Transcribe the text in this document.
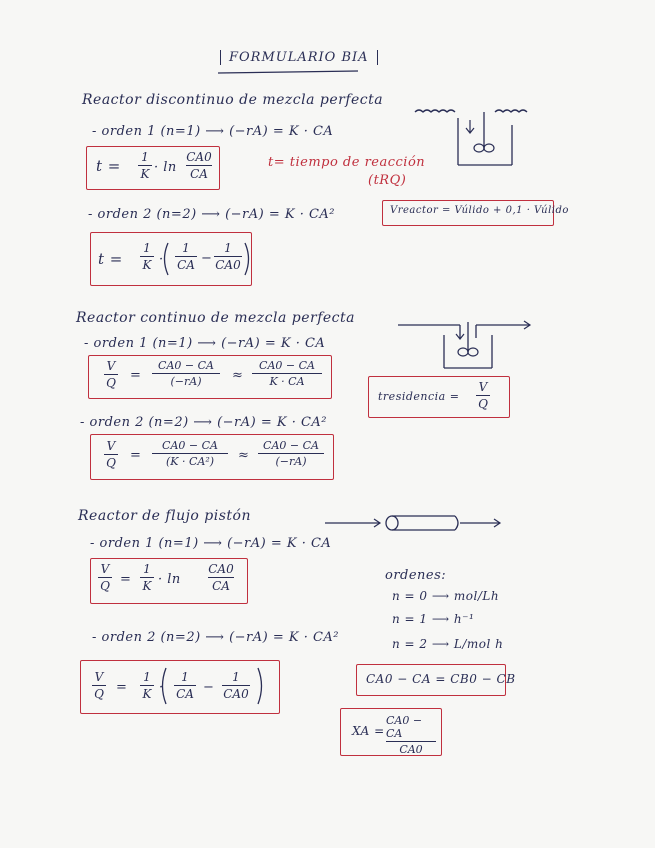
FORMULARIO BIA
Reactor discontinuo de mezcla perfecta
- orden 1 (n=1) ⟶ (−rA) = K · CA
t = 1
K · ln
CA0
CA
t= tiempo de reacción
(tRQ)
Vreactor = Vúlido + 0,1 · Vúlido
- orden 2 (n=2) ⟶ (−rA) = K · CA²
t =
1
K ·
1
CA −
1
CA0
Reactor continuo de mezcla perfecta
- orden 1 (n=1) ⟶ (−rA) = K · CA
V
Q =
CA0 − CA
(−rA) ≈
CA0 − CA
K · CA
tresidencia =
V
Q
- orden 2 (n=2) ⟶ (−rA) = K · CA²
V
Q =
CA0 − CA
(K · CA²) ≈
CA0 − CA
(−rA)
Reactor de flujo pistón
- orden 1 (n=1) ⟶ (−rA) = K · CA
V
Q =
1
K · ln
CA0
CA
ordenes:
n = 0 ⟶ mol/Lh
n = 1 ⟶ h⁻¹
n = 2 ⟶ L/mol h
- orden 2 (n=2) ⟶ (−rA) = K · CA²
V
Q =
1
K ·
1
CA −
1
CA0
CA0 − CA = CB0 − CB
XA =
CA0 − CA
CA0
